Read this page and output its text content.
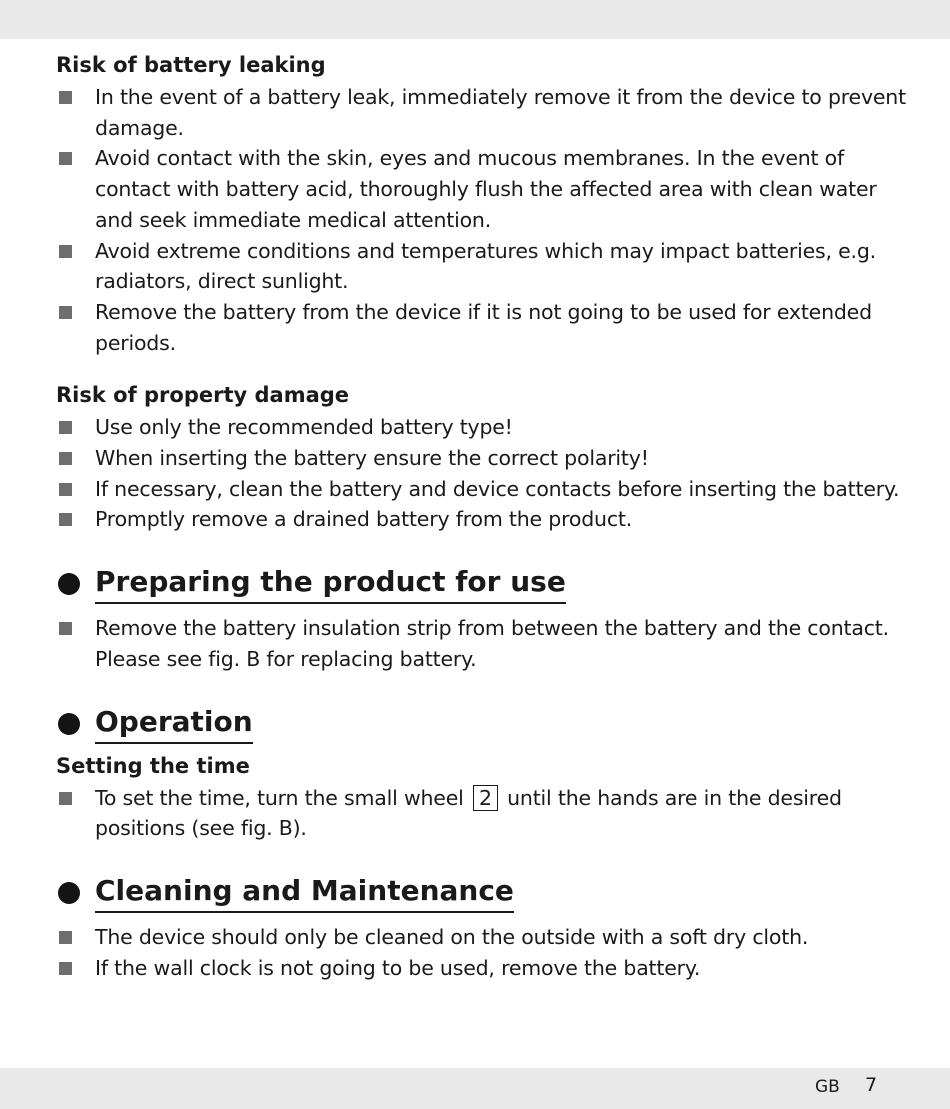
Risk of battery leaking
In the event of a battery leak, immediately remove it from the device to prevent damage.
Avoid contact with the skin, eyes and mucous membranes. In the event of contact with battery acid, thoroughly flush the affected area with clean water and seek immediate medical attention.
Avoid extreme conditions and temperatures which may impact batteries, e.g. radiators, direct sunlight.
Remove the battery from the device if it is not going to be used for extended periods.
Risk of property damage
Use only the recommended battery type!
When inserting the battery ensure the correct polarity!
If necessary, clean the battery and device contacts before inserting the battery.
Promptly remove a drained battery from the product.
Preparing the product for use
Remove the battery insulation strip from between the battery and the contact. Please see fig. B for replacing battery.
Operation
Setting the time
To set the time, turn the small wheel 2 until the hands are in the desired positions (see fig. B).
Cleaning and Maintenance
The device should only be cleaned on the outside with a soft dry cloth.
If the wall clock is not going to be used, remove the battery.
GB 7
